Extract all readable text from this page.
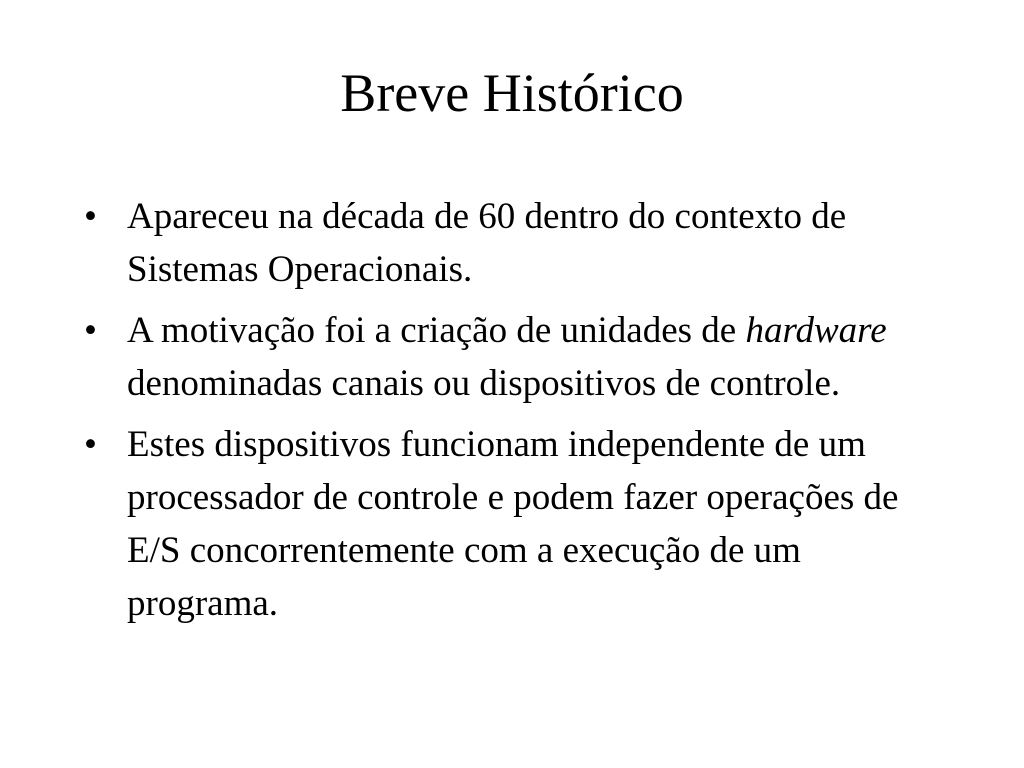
Breve Histórico
• Apareceu na década de 60 dentro do contexto de Sistemas Operacionais.
• A motivação foi a criação de unidades de hardware denominadas canais ou dispositivos de controle.
• Estes dispositivos funcionam independente de um processador de controle e podem fazer operações de E/S concorrentemente com a execução de um programa.
